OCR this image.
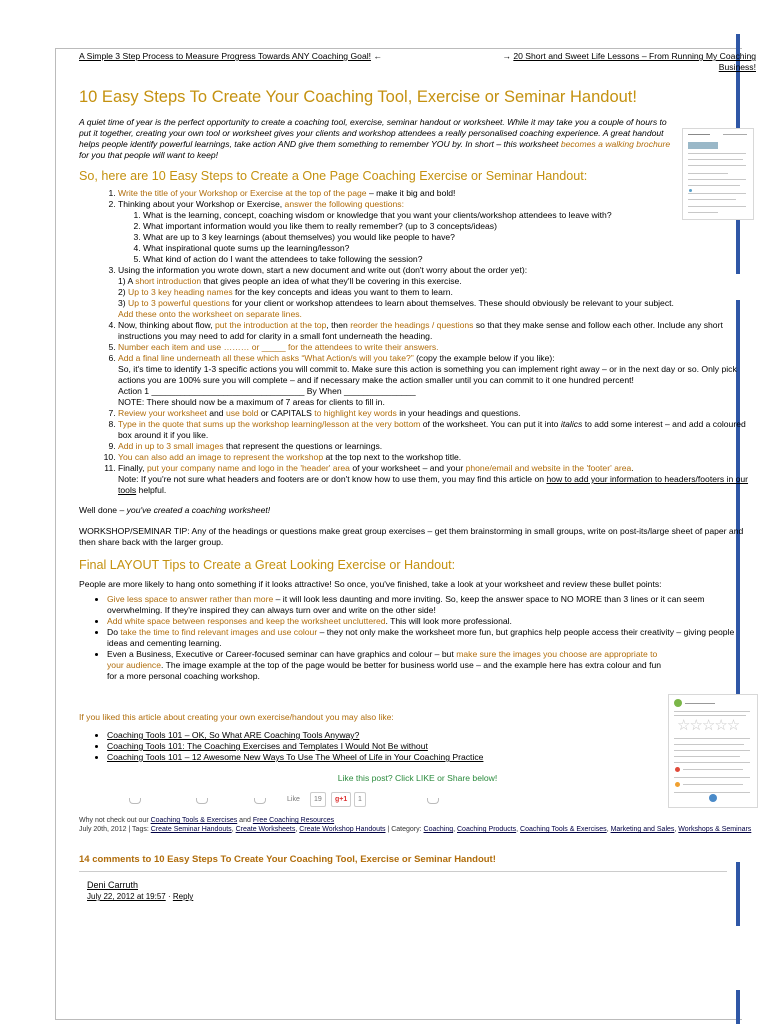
☆☆☆☆☆
A Simple 3 Step Process to Measure Progress Towards ANY Coaching Goal! ←	→ 20 Short and Sweet Life Lessons – From Running My Coaching Business!
10 Easy Steps To Create Your Coaching Tool, Exercise or Seminar Handout!
A quiet time of year is the perfect opportunity to create a coaching tool, exercise, seminar handout or worksheet. While it may take you a couple of hours to put it together, creating your own tool or worksheet gives your clients and workshop attendees a really personalised coaching experience. A great handout helps people identify powerful learnings, take action AND give them something to remember YOU by. In short – this worksheet becomes a walking brochure for you that people will want to keep!
So, here are 10 Easy Steps to Create a One Page Coaching Exercise or Seminar Handout:
1. Write the title of your Workshop or Exercise at the top of the page – make it big and bold!
2. Thinking about your Workshop or Exercise, answer the following questions:
1. What is the learning, concept, coaching wisdom or knowledge that you want your clients/workshop attendees to leave with?
2. What important information would you like them to really remember? (up to 3 concepts/ideas)
3. What are up to 3 key learnings (about themselves) you would like people to have?
4. What inspirational quote sums up the learning/lesson?
5. What kind of action do I want the attendees to take following the session?
3. Using the information you wrote down, start a new document and write out (don't worry about the order yet):
1) A short introduction that gives people an idea of what they'll be covering in this exercise.
2) Up to 3 key heading names for the key concepts and ideas you want to them to learn.
3) Up to 3 powerful questions for your client or workshop attendees to learn about themselves. These should obviously be relevant to your subject.
Add these onto the worksheet on separate lines.
4. Now, thinking about flow, put the introduction at the top, then reorder the headings / questions so that they make sense and follow each other. Include any short instructions you may need to add for clarity in a small font underneath the heading.
5. Number each item and use ……… or _____ for the attendees to write their answers.
6. Add a final line underneath all these which asks “What Action/s will you take?” (copy the example below if you like):
So, it's time to identify 1-3 specific actions you will commit to. Make sure this action is something you can implement right away – or in the next day or so. Only pick actions you are 100% sure you will complete – and if necessary make the action smaller until you can commit to it one hundred percent!
Action 1 ________________________________ By When _______________
NOTE: There should now be a maximum of 7 areas for clients to fill in.
7. Review your worksheet and use bold or CAPITALS to highlight key words in your headings and questions.
8. Type in the quote that sums up the workshop learning/lesson at the very bottom of the worksheet. You can put it into italics to add some interest – and add a coloured box around it if you like.
9. Add in up to 3 small images that represent the questions or learnings.
10. You can also add an image to represent the workshop at the top next to the workshop title.
11. Finally, put your company name and logo in the 'header' area of your worksheet – and your phone/email and website in the 'footer' area.
Note: If you're not sure what headers and footers are or don't know how to use them, you may find this article on how to add your information to headers/footers in our tools helpful.

Well done – you've created a coaching worksheet!

WORKSHOP/SEMINAR TIP: Any of the headings or questions make great group exercises – get them brainstorming in small groups, write on post-its/large sheet of paper and then share back with the larger group.

Final LAYOUT Tips to Create a Great Looking Exercise or Handout:

People are more likely to hang onto something if it looks attractive! So once, you've finished, take a look at your worksheet and review these bullet points:

• Give less space to answer rather than more – it will look less daunting and more inviting. So, keep the answer space to NO MORE than 3 lines or it can seem overwhelming. If they're inspired they can always turn over and write on the other side!
• Add white space between responses and keep the worksheet uncluttered. This will look more professional.
• Do take the time to find relevant images and use colour – they not only make the worksheet more fun, but graphics help people access their creativity – giving people ideas and cementing learning.
• Even a Business, Executive or Career-focused seminar can have graphics and colour – but make sure the images you choose are appropriate to your audience. The image example at the top of the page would be better for business world use – and the example here has extra colour and fun for a more personal coaching workshop.

If you liked this article about creating your own exercise/handout you may also like:

• Coaching Tools 101 – OK, So What ARE Coaching Tools Anyway?
• Coaching Tools 101: The Coaching Exercises and Templates I Would Not Be without
• Coaching Tools 101 – 12 Awesome New Ways To Use The Wheel of Life in Your Coaching Practice
Like this post? Click LIKE or Share below!
Like	19	g+1	1
Why not check out our Coaching Tools & Exercises and Free Coaching Resources
July 20th, 2012 | Tags: Create Seminar Handouts, Create Worksheets, Create Workshop Handouts | Category: Coaching, Coaching Products, Coaching Tools & Exercises, Marketing and Sales, Workshops & Seminars
14 comments to 10 Easy Steps To Create Your Coaching Tool, Exercise or Seminar Handout!
Deni Carruth
July 22, 2012 at 19:57 · Reply
